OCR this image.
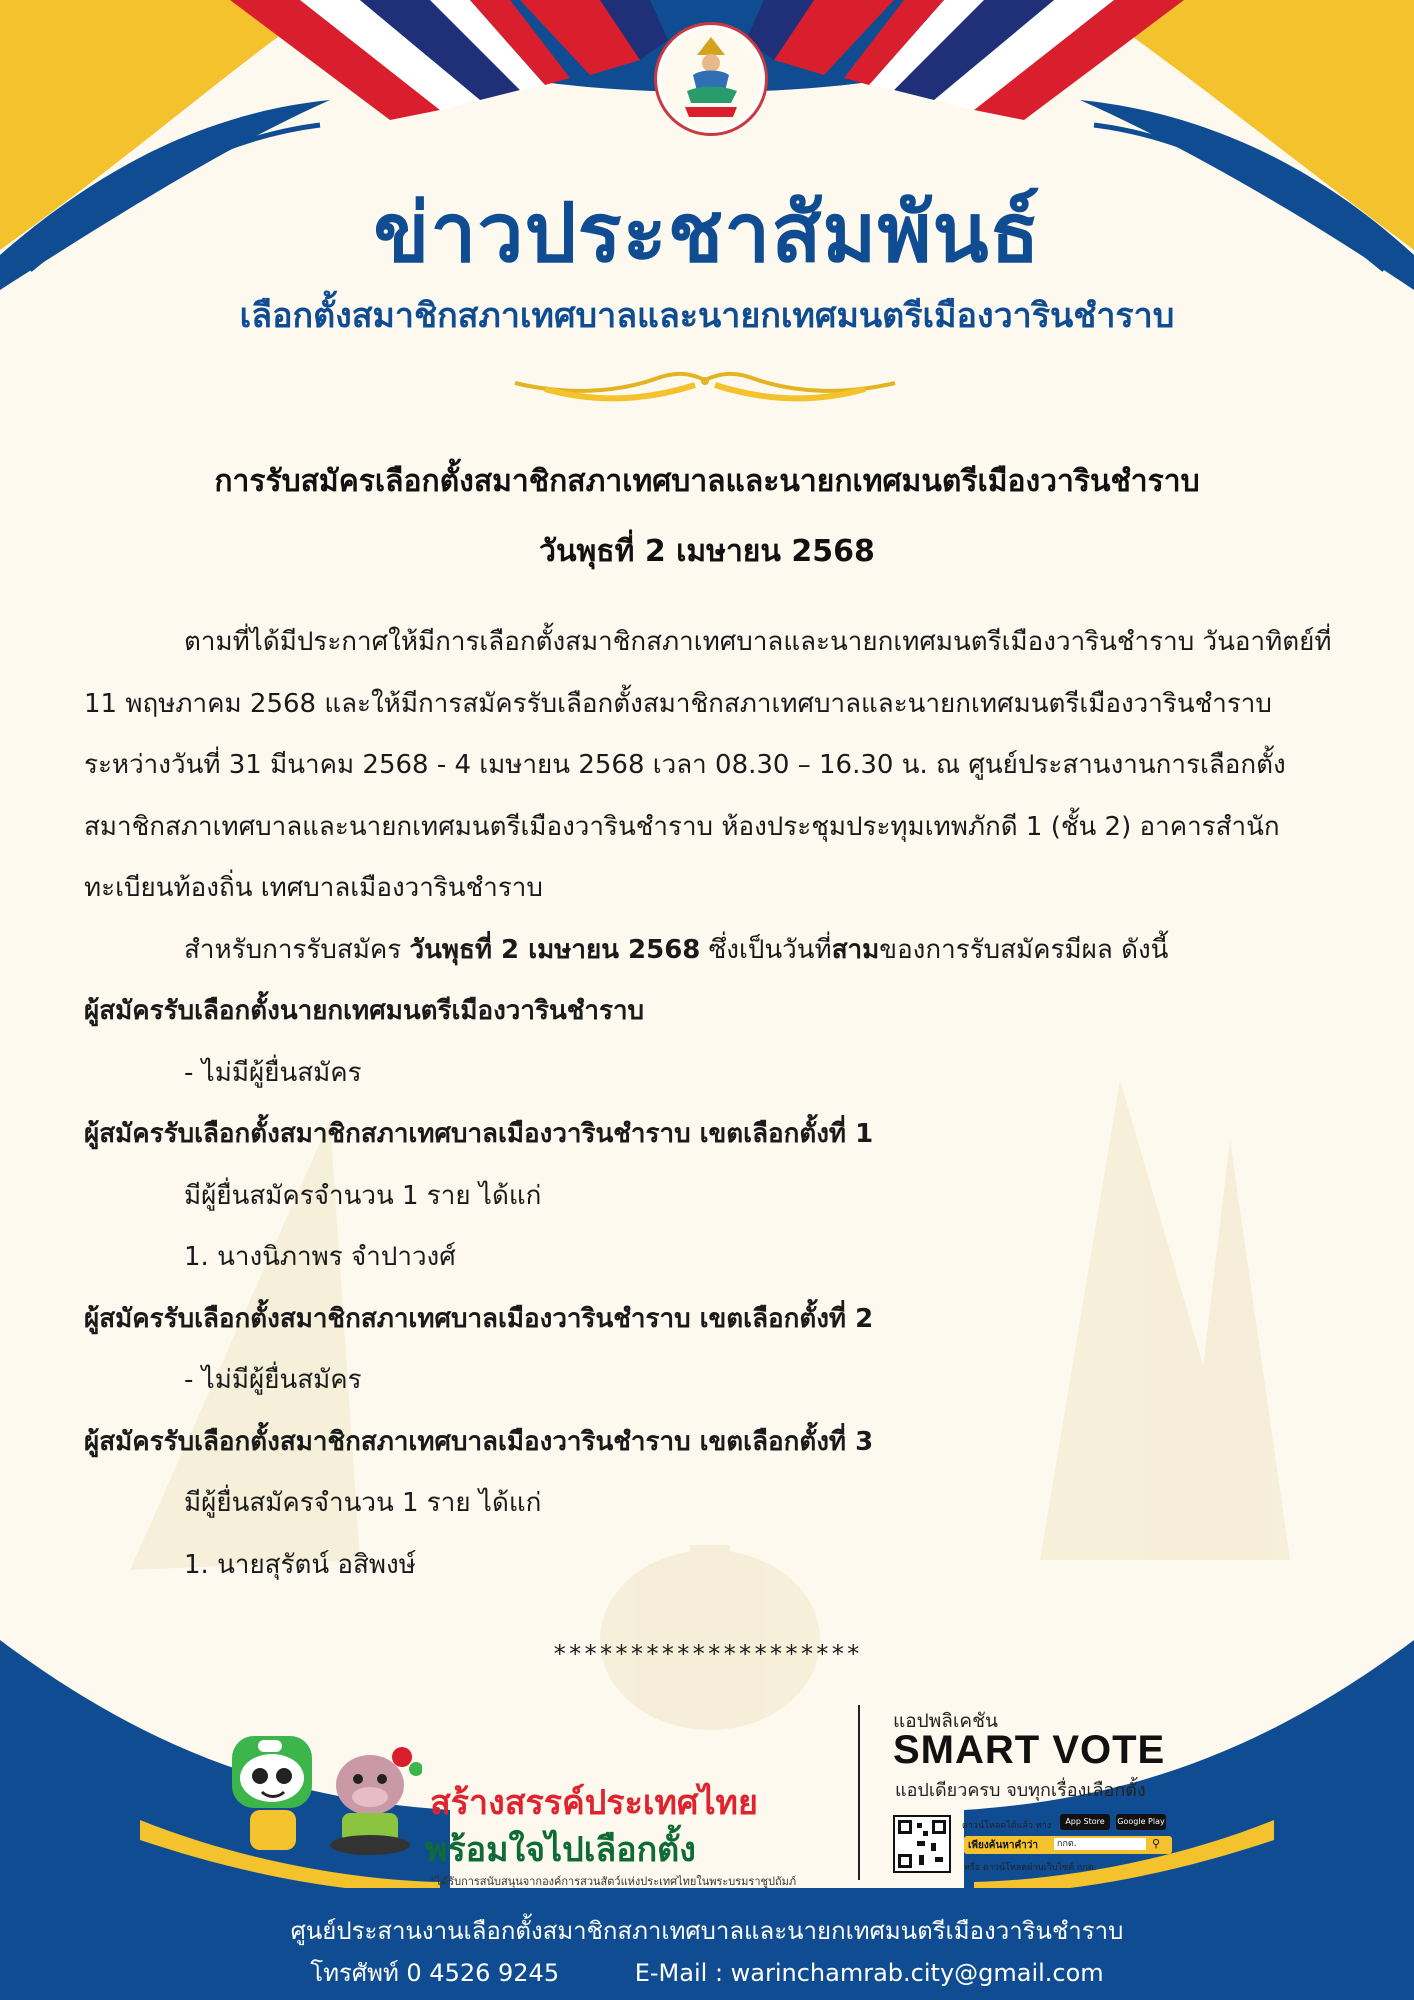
ข่าวประชาสัมพันธ์
เลือกตั้งสมาชิกสภาเทศบาลและนายกเทศมนตรีเมืองวารินชำราบ

การรับสมัครเลือกตั้งสมาชิกสภาเทศบาลและนายกเทศมนตรีเมืองวารินชำราบ

วันพุธที่ 2 เมษายน 2568

ตามที่ได้มีประกาศให้มีการเลือกตั้งสมาชิกสภาเทศบาลและนายกเทศมนตรีเมืองวารินชำราบ วันอาทิตย์ที่ 11 พฤษภาคม 2568 และให้มีการสมัครรับเลือกตั้งสมาชิกสภาเทศบาลและนายกเทศมนตรีเมืองวารินชำราบ ระหว่างวันที่ 31 มีนาคม 2568 - 4 เมษายน 2568 เวลา 08.30 – 16.30 น. ณ ศูนย์ประสานงานการเลือกตั้งสมาชิกสภาเทศบาลและนายกเทศมนตรีเมืองวารินชำราบ ห้องประชุมประทุมเทพภักดี 1 (ชั้น 2) อาคารสำนักทะเบียนท้องถิ่น เทศบาลเมืองวารินชำราบ

สำหรับการรับสมัคร วันพุธที่ 2 เมษายน 2568 ซึ่งเป็นวันที่สามของการรับสมัครมีผล ดังนี้

ผู้สมัครรับเลือกตั้งนายกเทศมนตรีเมืองวารินชำราบ

- ไม่มีผู้ยื่นสมัคร

ผู้สมัครรับเลือกตั้งสมาชิกสภาเทศบาลเมืองวารินชำราบ เขตเลือกตั้งที่ 1

มีผู้ยื่นสมัครจำนวน 1 ราย ได้แก่

1. นางนิภาพร จำปาวงศ์

ผู้สมัครรับเลือกตั้งสมาชิกสภาเทศบาลเมืองวารินชำราบ เขตเลือกตั้งที่ 2

- ไม่มีผู้ยื่นสมัคร

ผู้สมัครรับเลือกตั้งสมาชิกสภาเทศบาลเมืองวารินชำราบ เขตเลือกตั้งที่ 3

มีผู้ยื่นสมัครจำนวน 1 ราย ได้แก่

1. นายสุรัตน์ อสิพงษ์

********************

สร้างสรรค์ประเทศไทย

พร้อมใจไปเลือกตั้ง

*ได้รับการสนับสนุนจากองค์การสวนสัตว์แห่งประเทศไทยในพระบรมราชูปถัมภ์

แอปพลิเคชัน

SMART VOTE

แอปเดียวครบ จบทุกเรื่องเลือกตั้ง

ดาวน์โหลดได้แล้ว ทาง	App Store	Google Play

เพียงค้นหาคำว่า	กกต.	⚲

หรือ ดาวน์โหลดผ่านเว็บไซต์ กกต.

ศูนย์ประสานงานเลือกตั้งสมาชิกสภาเทศบาลและนายกเทศมนตรีเมืองวารินชำราบ

โทรศัพท์ 0 4526 9245	E-Mail : warinchamrab.city@gmail.com
